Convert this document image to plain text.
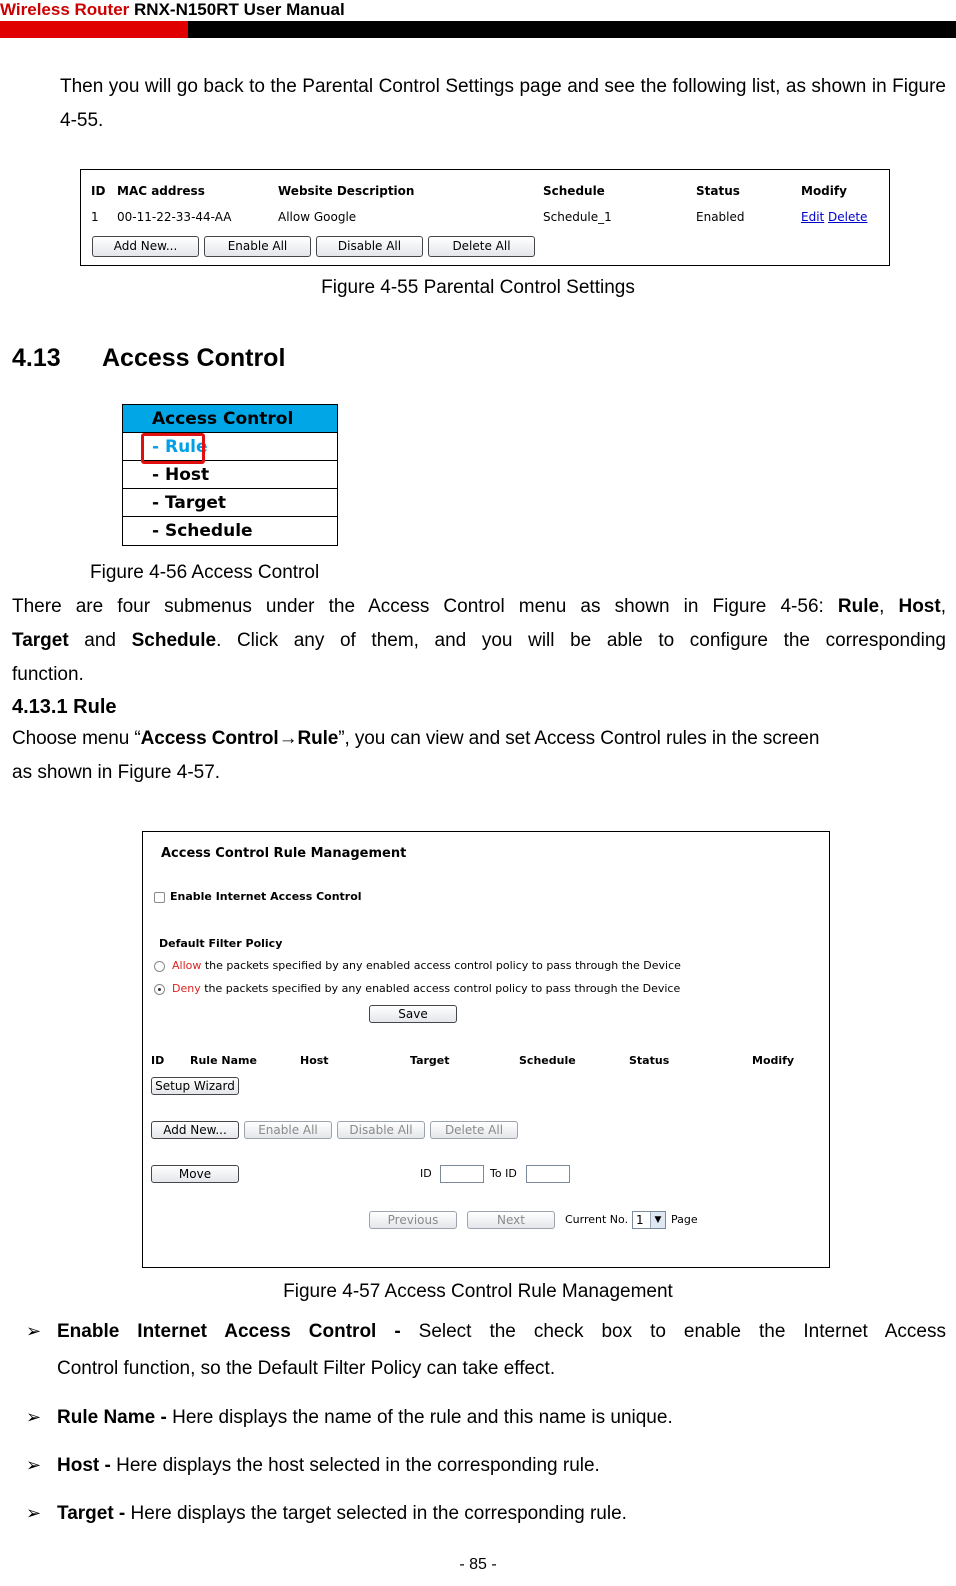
Wireless Router RNX-N150RT User Manual
Then you will go back to the Parental Control Settings page and see the following list, as shown in Figure 4-55.
ID MAC address	Website Description	Schedule	Status	Modify
1 00-11-22-33-44-AA	Allow Google	Schedule_1	Enabled	Edit Delete
Add New...	Enable All	Disable All	Delete All
Figure 4-55 Parental Control Settings
4.13 Access Control
Access Control
- Rule
- Host
- Target
- Schedule
Figure 4-56 Access Control
There are four submenus under the Access Control menu as shown in Figure 4-56: Rule, Host,
Target and Schedule. Click any of them, and you will be able to configure the corresponding
function.
4.13.1 Rule
Choose menu “Access Control→Rule”, you can view and set Access Control rules in the screen
as shown in Figure 4-57.
Access Control Rule Management
Enable Internet Access Control
Default Filter Policy
Allow the packets specified by any enabled access control policy to pass through the Device
Deny the packets specified by any enabled access control policy to pass through the Device
Save
ID Rule Name	Host	Target	Schedule	Status	Modify
Setup Wizard
Add New...	Enable All	Disable All	Delete All
Move	ID	To ID
Previous	Next	Current No. 1	▼ Page
Figure 4-57 Access Control Rule Management
➢ Enable Internet Access Control - Select the check box to enable the Internet Access
Control function, so the Default Filter Policy can take effect.
➢ Rule Name - Here displays the name of the rule and this name is unique.
➢ Host - Here displays the host selected in the corresponding rule.
➢ Target - Here displays the target selected in the corresponding rule.
- 85 -
